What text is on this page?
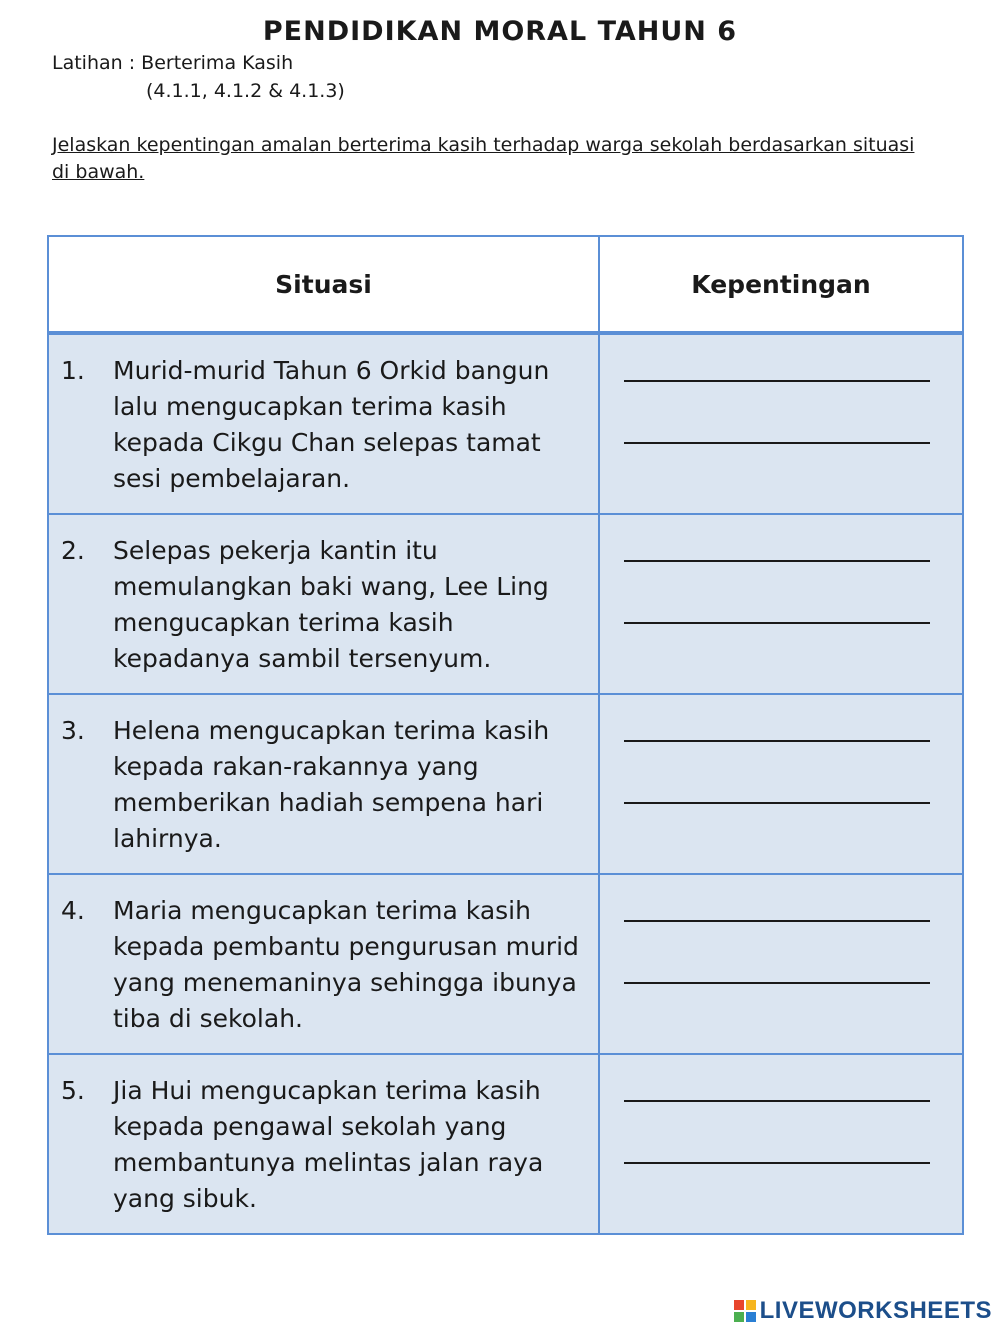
PENDIDIKAN MORAL TAHUN 6
Latihan : Berterima Kasih
(4.1.1, 4.1.2 & 4.1.3)
Jelaskan kepentingan amalan berterima kasih terhadap warga sekolah berdasarkan situasi di bawah.
Situasi	Kepentingan

1. Murid-murid Tahun 6 Orkid bangun lalu mengucapkan terima kasih kepada Cikgu Chan selepas tamat sesi pembelajaran.	

2. Selepas pekerja kantin itu memulangkan baki wang, Lee Ling mengucapkan terima kasih kepadanya sambil tersenyum.	

3. Helena mengucapkan terima kasih kepada rakan-rakannya yang memberikan hadiah sempena hari lahirnya.	

4. Maria mengucapkan terima kasih kepada pembantu pengurusan murid yang menemaninya sehingga ibunya tiba di sekolah.	

5. Jia Hui mengucapkan terima kasih kepada pengawal sekolah yang membantunya melintas jalan raya yang sibuk.	

LIVEWORKSHEETS
